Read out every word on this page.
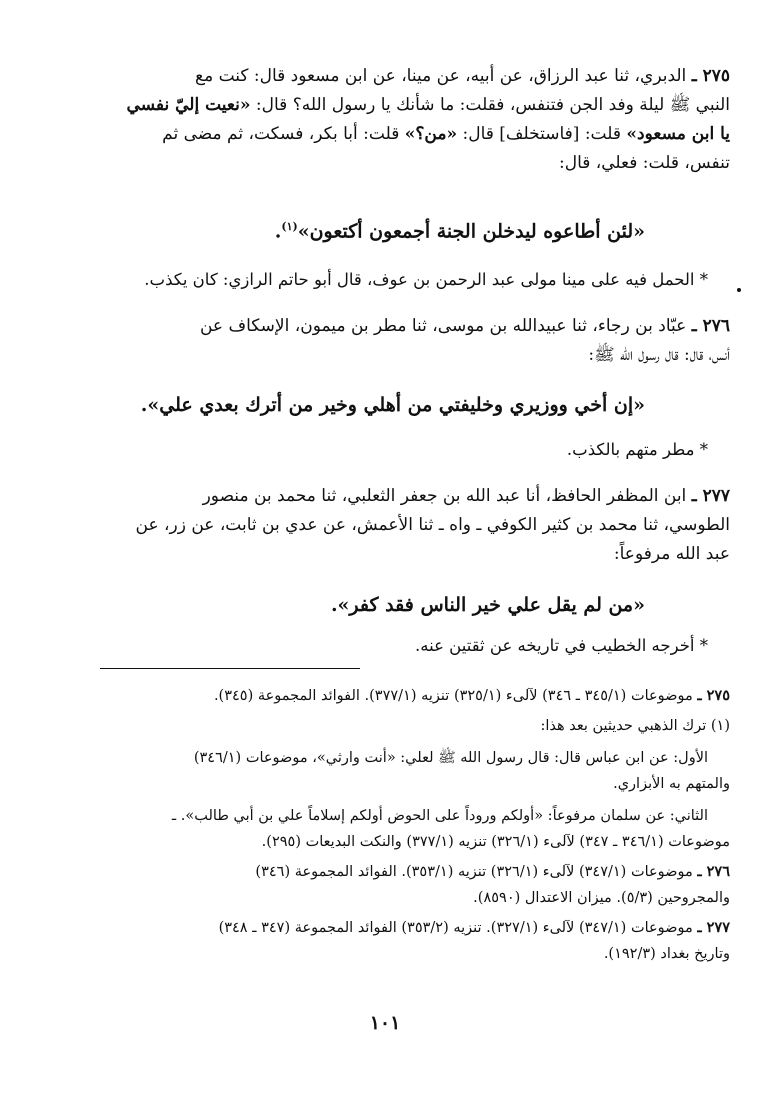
٢٧٥ ـ الدبري، ثنا عبد الرزاق، عن أبيه، عن مينا، عن ابن مسعود قال: كنت مع

النبي ﷺ ليلة وفد الجن فتنفس، فقلت: ما شأنك يا رسول الله؟ قال: «نعيت إليّ نفسي

يا ابن مسعود» قلت: [فاستخلف] قال: «من؟» قلت: أبا بكر، فسكت، ثم مضى ثم

تنفس، قلت: فعلي، قال:

«لئن أطاعوه ليدخلن الجنة أجمعون أكتعون»$^{(١)}$.
* الحمل فيه على مينا مولى عبد الرحمن بن عوف، قال أبو حاتم الرازي: كان يكذب.

٢٧٦ ـ عبّاد بن رجاء، ثنا عبيدالله بن موسى، ثنا مطر بن ميمون، الإسكاف عن

أنس، قال: قال رسول الله ﷺ:

«إن أخي ووزيري وخليفتي من أهلي وخير من أترك بعدي علي».
* مطر متهم بالكذب.

٢٧٧ ـ ابن المظفر الحافظ، أنا عبد الله بن جعفر الثعلبي، ثنا محمد بن منصور

الطوسي، ثنا محمد بن كثير الكوفي ـ واه ـ ثنا الأعمش، عن عدي بن ثابت، عن زر، عن

عبد الله مرفوعاً:

«من لم يقل علي خير الناس فقد كفر».
* أخرجه الخطيب في تاريخه عن ثقتين عنه.

٢٧٥ ـ موضوعات (٣٤٥/١ ـ ٣٤٦) لآلىء (٣٢٥/١) تنزيه (٣٧٧/١). الفوائد المجموعة (٣٤٥).

(١) ترك الذهبي حديثين بعد هذا:

الأول: عن ابن عباس قال: قال رسول الله ﷺ لعلي: «أنت وارثي»، موضوعات (٣٤٦/١)

والمتهم به الأبزاري.

الثاني: عن سلمان مرفوعاً: «أولكم وروداً على الحوض أولكم إسلاماً علي بن أبي طالب». ـ

موضوعات (٣٤٦/١ ـ ٣٤٧) لآلىء (٣٢٦/١) تنزيه (٣٧٧/١) والنكت البديعات (٢٩٥).

٢٧٦ ـ موضوعات (٣٤٧/١) لآلىء (٣٢٦/١) تنزيه (٣٥٣/١). الفوائد المجموعة (٣٤٦)

والمجروحين (٥/٣). ميزان الاعتدال (٨٥٩٠).

٢٧٧ ـ موضوعات (٣٤٧/١) لآلىء (٣٢٧/١). تنزيه (٣٥٣/٢) الفوائد المجموعة (٣٤٧ ـ ٣٤٨)

وتاريخ بغداد (١٩٢/٣).

١٠١
